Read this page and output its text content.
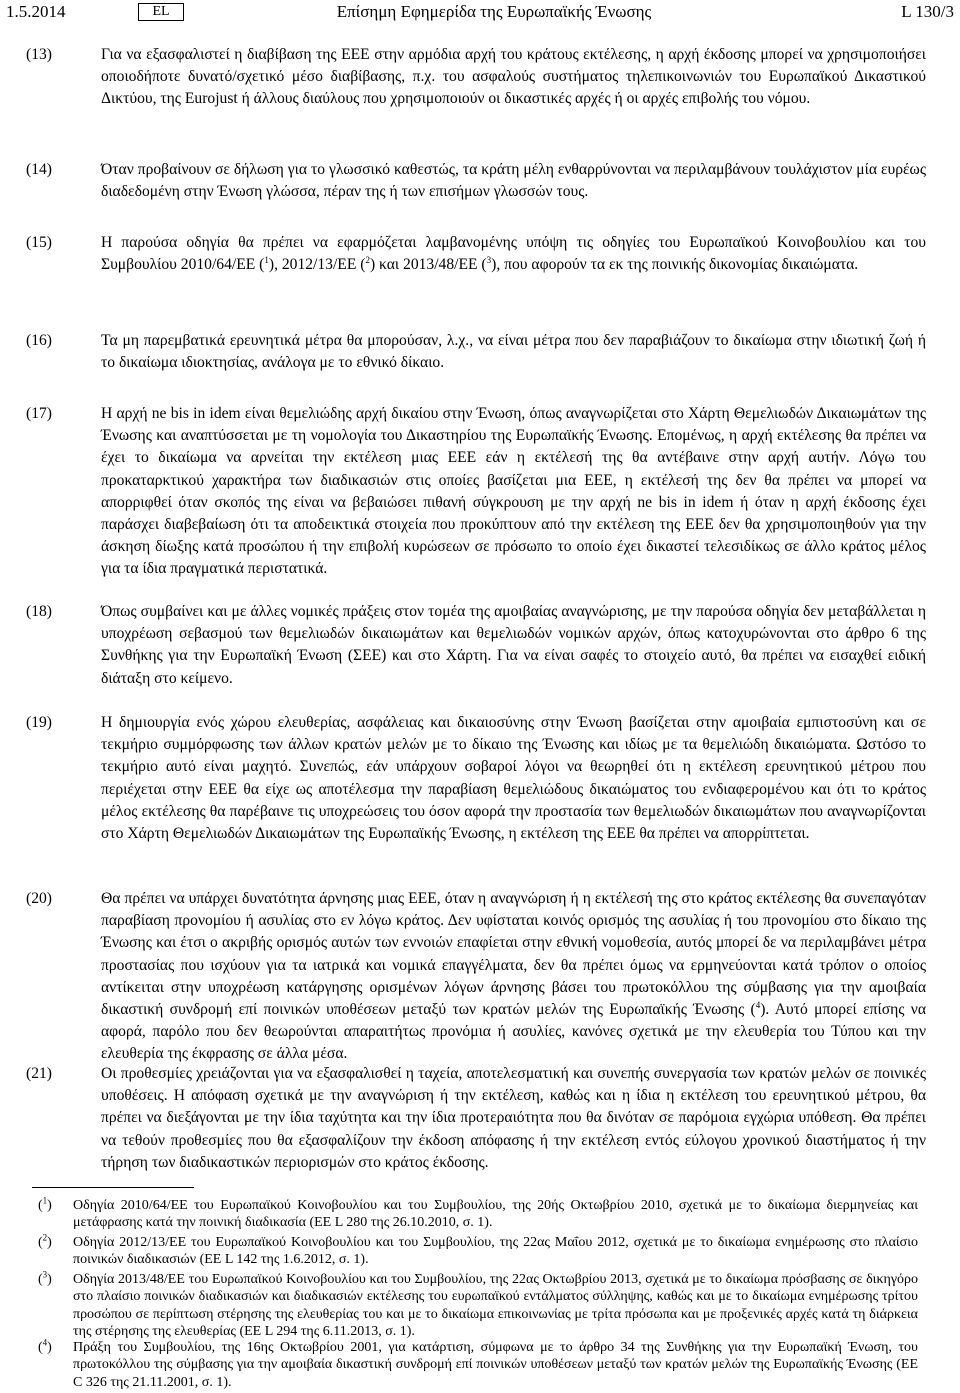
1.5.2014	EL	Επίσημη Εφημερίδα της Ευρωπαϊκής Ένωσης	L 130/3
(13)	Για να εξασφαλιστεί η διαβίβαση της ΕΕΕ στην αρμόδια αρχή του κράτους εκτέλεσης, η αρχή έκδοσης μπορεί να χρησιμοποιήσει οποιοδήποτε δυνατό/σχετικό μέσο διαβίβασης, π.χ. του ασφαλούς συστήματος τηλεπικοινωνιών του Ευρωπαϊκού Δικαστικού Δικτύου, της Eurojust ή άλλους διαύλους που χρησιμοποιούν οι δικαστικές αρχές ή οι αρχές επιβολής του νόμου.
(14)	Όταν προβαίνουν σε δήλωση για το γλωσσικό καθεστώς, τα κράτη μέλη ενθαρρύνονται να περιλαμβάνουν τουλάχιστον μία ευρέως διαδεδομένη στην Ένωση γλώσσα, πέραν της ή των επισήμων γλωσσών τους.
(15)	Η παρούσα οδηγία θα πρέπει να εφαρμόζεται λαμβανομένης υπόψη τις οδηγίες του Ευρωπαϊκού Κοινοβουλίου και του Συμβουλίου 2010/64/ΕΕ ($^1$), 2012/13/ΕΕ ($^2$) και 2013/48/ΕΕ ($^3$), που αφορούν τα εκ της ποινικής δικονομίας δικαιώματα.
(16)	Τα μη παρεμβατικά ερευνητικά μέτρα θα μπορούσαν, λ.χ., να είναι μέτρα που δεν παραβιάζουν το δικαίωμα στην ιδιωτική ζωή ή το δικαίωμα ιδιοκτησίας, ανάλογα με το εθνικό δίκαιο.
(17)	Η αρχή ne bis in idem είναι θεμελιώδης αρχή δικαίου στην Ένωση, όπως αναγνωρίζεται στο Χάρτη Θεμελιωδών Δικαιωμάτων της Ένωσης και αναπτύσσεται με τη νομολογία του Δικαστηρίου της Ευρωπαϊκής Ένωσης. Επομένως, η αρχή εκτέλεσης θα πρέπει να έχει το δικαίωμα να αρνείται την εκτέλεση μιας ΕΕΕ εάν η εκτέλεσή της θα αντέβαινε στην αρχή αυτήν. Λόγω του προκαταρκτικού χαρακτήρα των διαδικασιών στις οποίες βασίζεται μια ΕΕΕ, η εκτέλεσή της δεν θα πρέπει να μπορεί να απορριφθεί όταν σκοπός της είναι να βεβαιώσει πιθανή σύγκρουση με την αρχή ne bis in idem ή όταν η αρχή έκδοσης έχει παράσχει διαβεβαίωση ότι τα αποδεικτικά στοιχεία που προκύπτουν από την εκτέλεση της ΕΕΕ δεν θα χρησιμοποιηθούν για την άσκηση δίωξης κατά προσώπου ή την επιβολή κυρώσεων σε πρόσωπο το οποίο έχει δικαστεί τελεσιδίκως σε άλλο κράτος μέλος για τα ίδια πραγματικά περιστατικά.
(18)	Όπως συμβαίνει και με άλλες νομικές πράξεις στον τομέα της αμοιβαίας αναγνώρισης, με την παρούσα οδηγία δεν μεταβάλλεται η υποχρέωση σεβασμού των θεμελιωδών δικαιωμάτων και θεμελιωδών νομικών αρχών, όπως κατοχυρώνονται στο άρθρο 6 της Συνθήκης για την Ευρωπαϊκή Ένωση (ΣΕΕ) και στο Χάρτη. Για να είναι σαφές το στοιχείο αυτό, θα πρέπει να εισαχθεί ειδική διάταξη στο κείμενο.
(19)	Η δημιουργία ενός χώρου ελευθερίας, ασφάλειας και δικαιοσύνης στην Ένωση βασίζεται στην αμοιβαία εμπιστοσύνη και σε τεκμήριο συμμόρφωσης των άλλων κρατών μελών με το δίκαιο της Ένωσης και ιδίως με τα θεμελιώδη δικαιώματα. Ωστόσο το τεκμήριο αυτό είναι μαχητό. Συνεπώς, εάν υπάρχουν σοβαροί λόγοι να θεωρηθεί ότι η εκτέλεση ερευνητικού μέτρου που περιέχεται στην ΕΕΕ θα είχε ως αποτέλεσμα την παραβίαση θεμελιώδους δικαιώματος του ενδιαφερομένου και ότι το κράτος μέλος εκτέλεσης θα παρέβαινε τις υποχρεώσεις του όσον αφορά την προστασία των θεμελιωδών δικαιωμάτων που αναγνωρίζονται στο Χάρτη Θεμελιωδών Δικαιωμάτων της Ευρωπαϊκής Ένωσης, η εκτέλεση της ΕΕΕ θα πρέπει να απορρίπτεται.
(20)	Θα πρέπει να υπάρχει δυνατότητα άρνησης μιας ΕΕΕ, όταν η αναγνώριση ή η εκτέλεσή της στο κράτος εκτέλεσης θα συνεπαγόταν παραβίαση προνομίου ή ασυλίας στο εν λόγω κράτος. Δεν υφίσταται κοινός ορισμός της ασυλίας ή του προνομίου στο δίκαιο της Ένωσης και έτσι ο ακριβής ορισμός αυτών των εννοιών επαφίεται στην εθνική νομοθεσία, αυτός μπορεί δε να περιλαμβάνει μέτρα προστασίας που ισχύουν για τα ιατρικά και νομικά επαγγέλματα, δεν θα πρέπει όμως να ερμηνεύονται κατά τρόπον ο οποίος αντίκειται στην υποχρέωση κατάργησης ορισμένων λόγων άρνησης βάσει του πρωτοκόλλου της σύμβασης για την αμοιβαία δικαστική συνδρομή επί ποινικών υποθέσεων μεταξύ των κρατών μελών της Ευρωπαϊκής Ένωσης ($^4$). Αυτό μπορεί επίσης να αφορά, παρόλο που δεν θεωρούνται απαραιτήτως προνόμια ή ασυλίες, κανόνες σχετικά με την ελευθερία του Τύπου και την ελευθερία της έκφρασης σε άλλα μέσα.
(21)	Οι προθεσμίες χρειάζονται για να εξασφαλισθεί η ταχεία, αποτελεσματική και συνεπής συνεργασία των κρατών μελών σε ποινικές υποθέσεις. Η απόφαση σχετικά με την αναγνώριση ή την εκτέλεση, καθώς και η ίδια η εκτέλεση του ερευνητικού μέτρου, θα πρέπει να διεξάγονται με την ίδια ταχύτητα και την ίδια προτεραιότητα που θα δινόταν σε παρόμοια εγχώρια υπόθεση. Θα πρέπει να τεθούν προθεσμίες που θα εξασφαλίζουν την έκδοση απόφασης ή την εκτέλεση εντός εύλογου χρονικού διαστήματος ή την τήρηση των διαδικαστικών περιορισμών στο κράτος έκδοσης.
($^1$)	Οδηγία 2010/64/ΕΕ του Ευρωπαϊκού Κοινοβουλίου και του Συμβουλίου, της 20ής Οκτωβρίου 2010, σχετικά με το δικαίωμα διερμηνείας και μετάφρασης κατά την ποινική διαδικασία (ΕΕ L 280 της 26.10.2010, σ. 1).
($^2$)	Οδηγία 2012/13/ΕΕ του Ευρωπαϊκού Κοινοβουλίου και του Συμβουλίου, της 22ας Μαΐου 2012, σχετικά με το δικαίωμα ενημέρωσης στο πλαίσιο ποινικών διαδικασιών (ΕΕ L 142 της 1.6.2012, σ. 1).
($^3$)	Οδηγία 2013/48/ΕΕ του Ευρωπαϊκού Κοινοβουλίου και του Συμβουλίου, της 22ας Οκτωβρίου 2013, σχετικά με το δικαίωμα πρόσβασης σε δικηγόρο στο πλαίσιο ποινικών διαδικασιών και διαδικασιών εκτέλεσης του ευρωπαϊκού εντάλματος σύλληψης, καθώς και με το δικαίωμα ενημέρωσης τρίτου προσώπου σε περίπτωση στέρησης της ελευθερίας του και με το δικαίωμα επικοινωνίας με τρίτα πρόσωπα και με προξενικές αρχές κατά τη διάρκεια της στέρησης της ελευθερίας (ΕΕ L 294 της 6.11.2013, σ. 1).
($^4$)	Πράξη του Συμβουλίου, της 16ης Οκτωβρίου 2001, για κατάρτιση, σύμφωνα με το άρθρο 34 της Συνθήκης για την Ευρωπαϊκή Ένωση, του πρωτοκόλλου της σύμβασης για την αμοιβαία δικαστική συνδρομή επί ποινικών υποθέσεων μεταξύ των κρατών μελών της Ευρωπαϊκής Ένωσης (ΕΕ C 326 της 21.11.2001, σ. 1).
